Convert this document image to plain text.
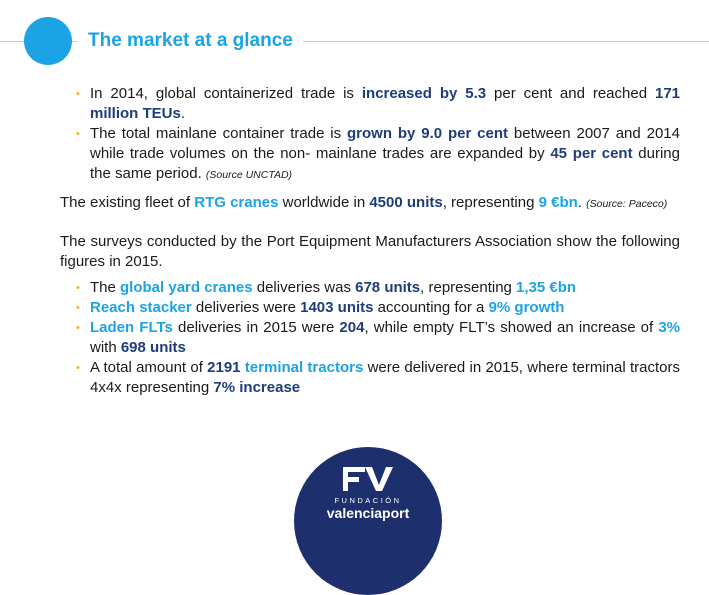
The market at a glance
• In 2014, global containerized trade is increased by 5.3 per cent and reached 171 million TEUs.
• The total mainlane container trade is grown by 9.0 per cent between 2007 and 2014 while trade volumes on the non- mainlane trades are expanded by 45 per cent during the same period. (Source UNCTAD)

The existing fleet of RTG cranes worldwide in 4500 units, representing 9 €bn. (Source: Paceco)

The surveys conducted by the Port Equipment Manufacturers Association show the following figures in 2015.

• The global yard cranes deliveries was 678 units, representing 1,35 €bn
• Reach stacker deliveries were 1403 units accounting for a 9% growth
• Laden FLTs deliveries in 2015 were 204, while empty FLT’s showed an increase of 3% with 698 units
• A total amount of 2191 terminal tractors were delivered in 2015, where terminal tractors 4x4x representing 7% increase
FUNDACIÓN
valenciaport
